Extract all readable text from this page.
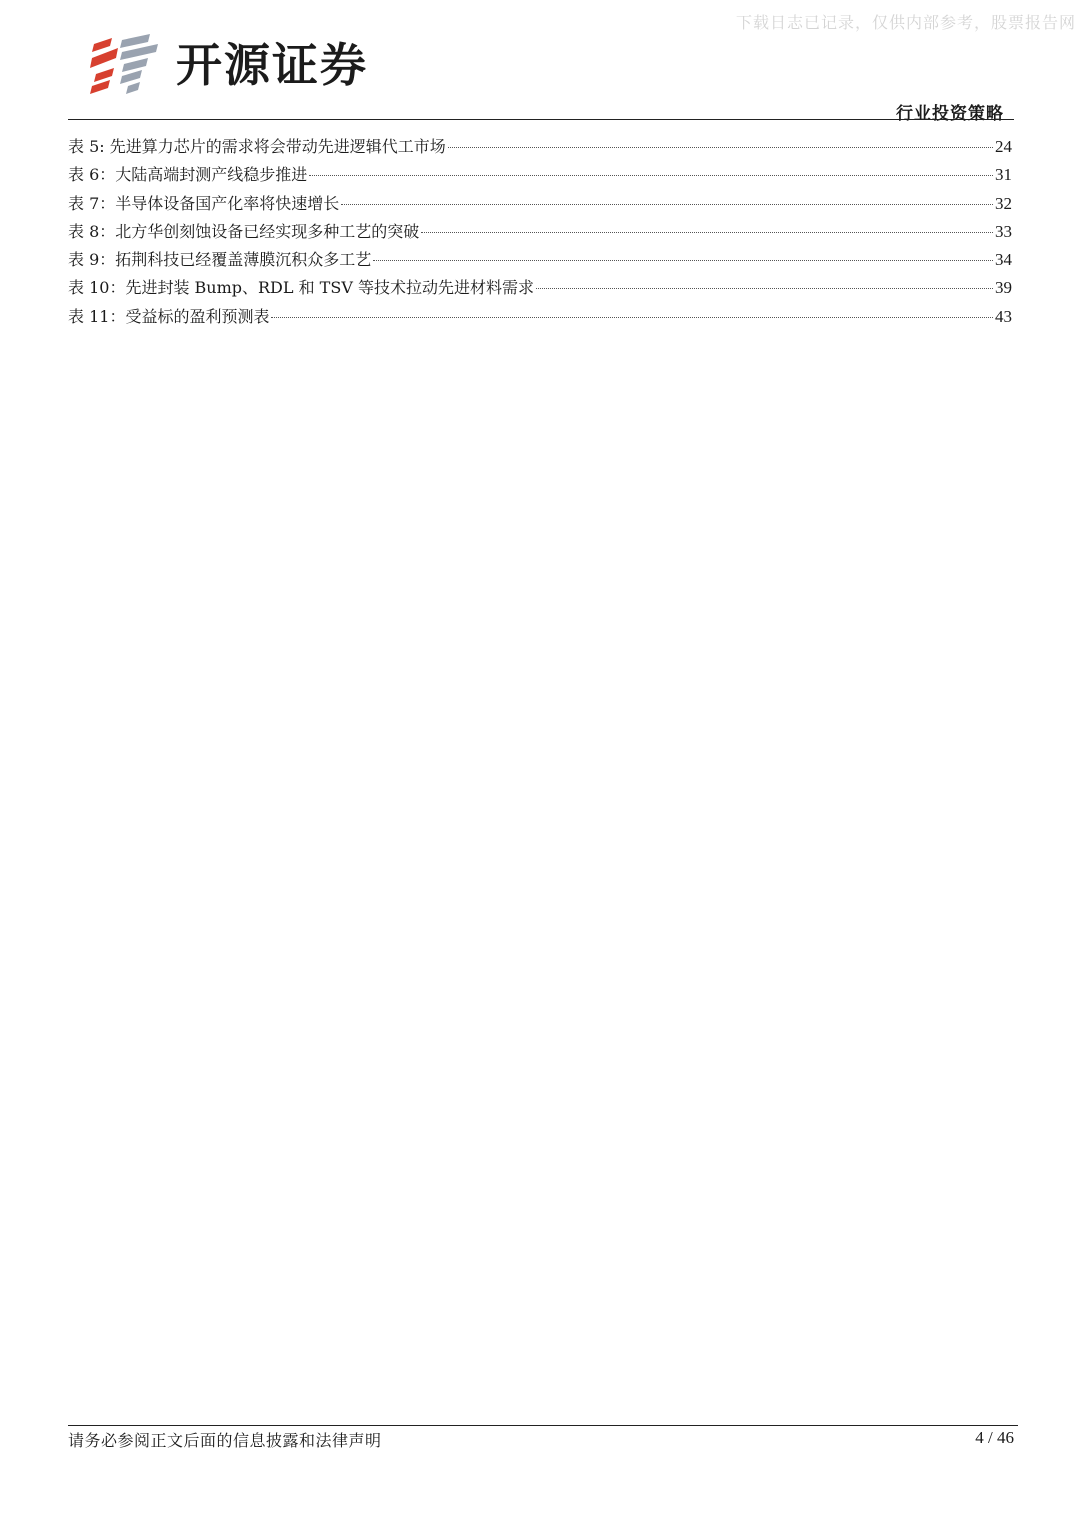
下载日志已记录，仅供内部参考，股票报告网
开源证券
行业投资策略
表 5: 先进算力芯片的需求将会带动先进逻辑代工市场	24
表 6：大陆高端封测产线稳步推进	31
表 7：半导体设备国产化率将快速增长	32
表 8：北方华创刻蚀设备已经实现多种工艺的突破	33
表 9：拓荆科技已经覆盖薄膜沉积众多工艺	34
表 10：先进封装 Bump、RDL 和 TSV 等技术拉动先进材料需求	39
表 11：受益标的盈利预测表	43
请务必参阅正文后面的信息披露和法律声明	4 / 46
